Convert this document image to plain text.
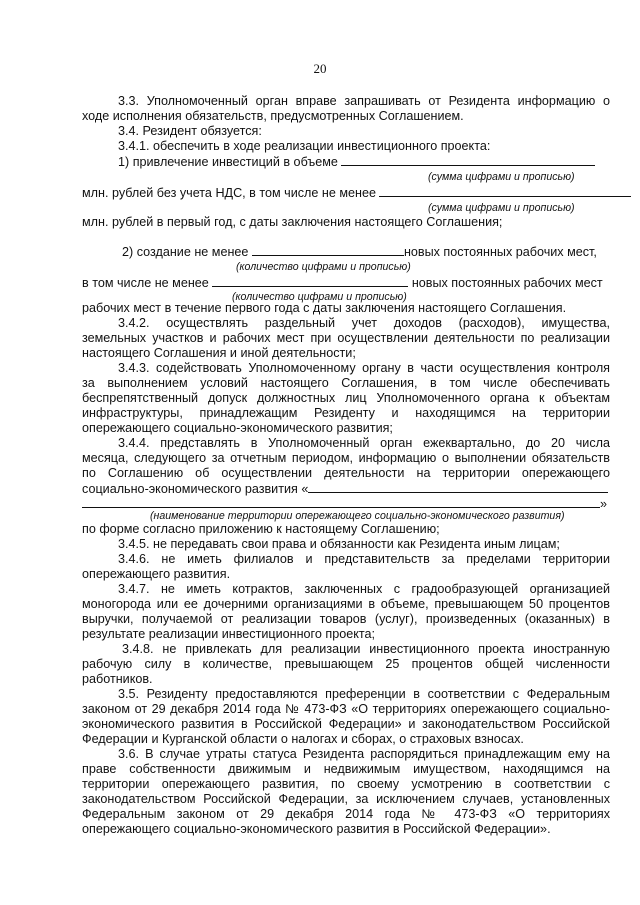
20
3.3. Уполномоченный орган вправе запрашивать от Резидента информацию о
ходе исполнения обязательств, предусмотренных Соглашением.
3.4. Резидент обязуется:
3.4.1. обеспечить в ходе реализации инвестиционного проекта:
1) привлечение инвестиций в объеме
(сумма цифрами и прописью)
млн. рублей без учета НДС, в том числе не менее
(сумма цифрами и прописью)
млн. рублей в первый год, с даты заключения настоящего Соглашения;
2) создание не менее	новых постоянных рабочих мест,
(количество цифрами и прописью)
в том числе не менее	новых постоянных рабочих мест
(количество цифрами и прописью)
рабочих мест в течение первого года с даты заключения настоящего Соглашения.
3.4.2. осуществлять раздельный учет доходов (расходов), имущества,
земельных участков и рабочих мест при осуществлении деятельности по реализации
настоящего Соглашения и иной деятельности;
3.4.3. содействовать Уполномоченному органу в части осуществления контроля
за выполнением условий настоящего Соглашения, в том числе обеспечивать
беспрепятственный допуск должностных лиц Уполномоченного органа к объектам
инфраструктуры, принадлежащим Резиденту и находящимся на территории
опережающего социально-экономического развития;
3.4.4. представлять в Уполномоченный орган ежеквартально, до 20 числа
месяца, следующего за отчетным периодом, информацию о выполнении обязательств
по Соглашению об осуществлении деятельности на территории опережающего
социально-экономического развития «
»
(наименование территории опережающего социально-экономического развития)
по форме согласно приложению к настоящему Соглашению;
3.4.5. не передавать свои права и обязанности как Резидента иным лицам;
3.4.6. не иметь филиалов и представительств за пределами территории
опережающего развития.
3.4.7. не иметь котрактов, заключенных с градообразующей организацией
моногорода или ее дочерними организациями в объеме, превышающем 50 процентов
выручки, получаемой от реализации товаров (услуг), произведенных (оказанных) в
результате реализации инвестиционного проекта;
3.4.8. не привлекать для реализации инвестиционного проекта иностранную
рабочую силу в количестве, превышающем 25 процентов общей численности
работников.
3.5. Резиденту предоставляются преференции в соответствии с Федеральным
законом от 29 декабря 2014 года № 473-ФЗ «О территориях опережающего социально-
экономического развития в Российской Федерации» и законодательством Российской
Федерации и Курганской области о налогах и сборах, о страховых взносах.
3.6. В случае утраты статуса Резидента распорядиться принадлежащим ему на
праве собственности движимым и недвижимым имуществом, находящимся на
территории опережающего развития, по своему усмотрению в соответствии с
законодательством Российской Федерации, за исключением случаев, установленных
Федеральным законом от 29 декабря 2014 года № 473-ФЗ «О территориях
опережающего социально-экономического развития в Российской Федерации».
